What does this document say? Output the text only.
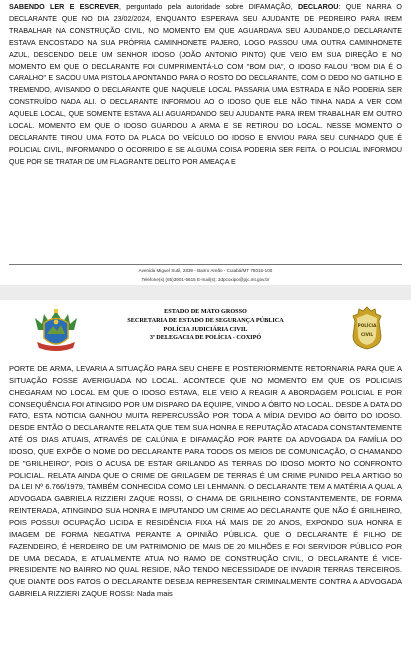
SABENDO LER E ESCREVER, perguntado pela autoridade sobre DIFAMAÇÃO, DECLAROU: QUE NARRA O DECLARANTE QUE NO DIA 23/02/2024, ENQUANTO ESPERAVA SEU AJUDANTE DE PEDREIRO PARA IREM TRABALHAR NA CONSTRUÇÃO CIVIL, NO MOMENTO EM QUE AGUARDAVA SEU AJUDANDE,O DECLARANTE ESTAVA ENCOSTADO NA SUA PRÓPRIA CAMINHONETE PAJERO, LOGO PASSOU UMA OUTRA CAMINHONETE AZUL, DESCENDO DELE UM SENHOR IDOSO (JOÃO ANTONIO PINTO) QUE VEIO EM SUA DIREÇÃO E NO MOMENTO EM QUE O DECLARANTE FOI CUMPRIMENTÁ-LO COM "BOM DIA", O IDOSO FALOU "BOM DIA É O CARALHO" E SACOU UMA PISTOLA APONTANDO PARA O ROSTO DO DECLARANTE, COM O DEDO NO GATILHO E TREMENDO, AVISANDO O DECLARANTE QUE NAQUELE LOCAL PASSARIA UMA ESTRADA E NÃO PODERIA SER CONSTRUÍDO NADA ALI. O DECLARANTE INFORMOU AO O IDOSO QUE ELE NÃO TINHA NADA A VER COM AQUELE LOCAL, QUE SOMENTE ESTAVA ALI AGUARDANDO SEU AJUDANTE PARA IREM TRABALHAR EM OUTRO LOCAL. MOMENTO EM QUE O IDOSO GUARDOU A ARMA E SE RETIROU DO LOCAL. NESSE MOMENTO O DECLARANTE TIROU UMA FOTO DA PLACA DO VEÍCULO DO IDOSO E ENVIOU PARA SEU CUNHADO QUE É POLICIAL CIVIL, INFORMANDO O OCORRIDO E SE ALGUMA COISA PODERIA SER FEITA. O POLICIAL INFORMOU QUE POR SE TRATAR DE UM FLAGRANTE DELITO POR AMEAÇA E
Avenida Miguel Sutil, 2839 - Bairro Areão - Cuiabá/MT 78015-100
Telefone(s) (65)3901-5615 E-mail(s): 3dpcoxipo@pjc.mt.gov.br
ESTADO DE MATO GROSSO
SECRETARIA DE ESTADO DE SEGURANÇA PÚBLICA
POLÍCIA JUDICIÁRIA CIVIL
3ª DELEGACIA DE POLÍCIA - COXIPÓ
POLÍCIA
CIVIL
PORTE DE ARMA, LEVARIA A SITUAÇÃO PARA SEU CHEFE E POSTERIORMENTE RETORNARIA PARA QUE A SITUAÇÃO FOSSE AVERIGUADA NO LOCAL. ACONTECE QUE NO MOMENTO EM QUE OS POLICIAIS CHEGARAM NO LOCAL EM QUE O IDOSO ESTAVA, ELE VEIO A REAGIR A ABORDAGEM POLICIAL E POR CONSEQUÊNCIA FOI ATINGIDO POR UM DISPARO DA EQUIPE, VINDO A ÓBITO NO LOCAL. DESDE A DATA DO FATO, ESTA NOTICIA GANHOU MUITA REPERCUSSÃO POR TODA A MÍDIA DEVIDO AO ÓBITO DO IDOSO. DESDE ENTÃO O DECLARANTE RELATA QUE TEM SUA HONRA E REPUTAÇÃO ATACADA CONSTANTEMENTE ATÉ OS DIAS ATUAIS, ATRAVÉS DE CALÚNIA E DIFAMAÇÃO POR PARTE DA ADVOGADA DA FAMÍLIA DO IDOSO, QUE EXPÕE O NOME DO DECLARANTE PARA TODOS OS MEIOS DE COMUNICAÇÃO, O CHAMANDO DE "GRILHEIRO", POIS O ACUSA DE ESTAR GRILANDO AS TERRAS DO IDOSO MORTO NO CONFRONTO POLICIAL. RELATA AINDA QUE O CRIME DE GRILAGEM DE TERRAS É UM CRIME PUNIDO PELA ARTIGO 50 DA LEI Nº 6.766/1979, TAMBÉM CONHECIDA COMO LEI LEHMANN. O DECLARANTE TEM A MATÉRIA A QUAL A ADVOGADA GABRIELA RIZZIERI ZAQUE ROSSI, O CHAMA DE GRILHEIRO CONSTANTEMENTE, DE FORMA REINTERADA, ATINGINDO SUA HONRA E IMPUTANDO UM CRIME AO DECLARANTE QUE NÃO É GRILHEIRO, POIS POSSUI OCUPAÇÃO LICIDA E RESIDÊNCIA FIXA HÁ MAIS DE 20 ANOS, EXPONDO SUA HONRA E IMAGEM DE FORMA NEGATIVA PERANTE A OPINIÃO PÚBLICA. QUE O DECLARANTE É FILHO DE FAZENDEIRO, É HERDEIRO DE UM PATRIMONIO DE MAIS DE 20 MILHÕES E FOI SERVIDOR PÚBLICO POR DE UMA DECADA, E ATUALMENTE ATUA NO RAMO DE CONSTRUÇÃO CIVIL, O DECLARANTE É VICE-PRESIDENTE NO BAIRRO NO QUAL RESIDE, NÃO TENDO NECESSIDADE DE INVADIR TERRAS TERCEIROS. QUE DIANTE DOS FATOS O DECLARANTE DESEJA REPRESENTAR CRIMINALMENTE CONTRA A ADVOGADA GABRIELA RIZZIERI ZAQUE ROSSI: Nada mais
